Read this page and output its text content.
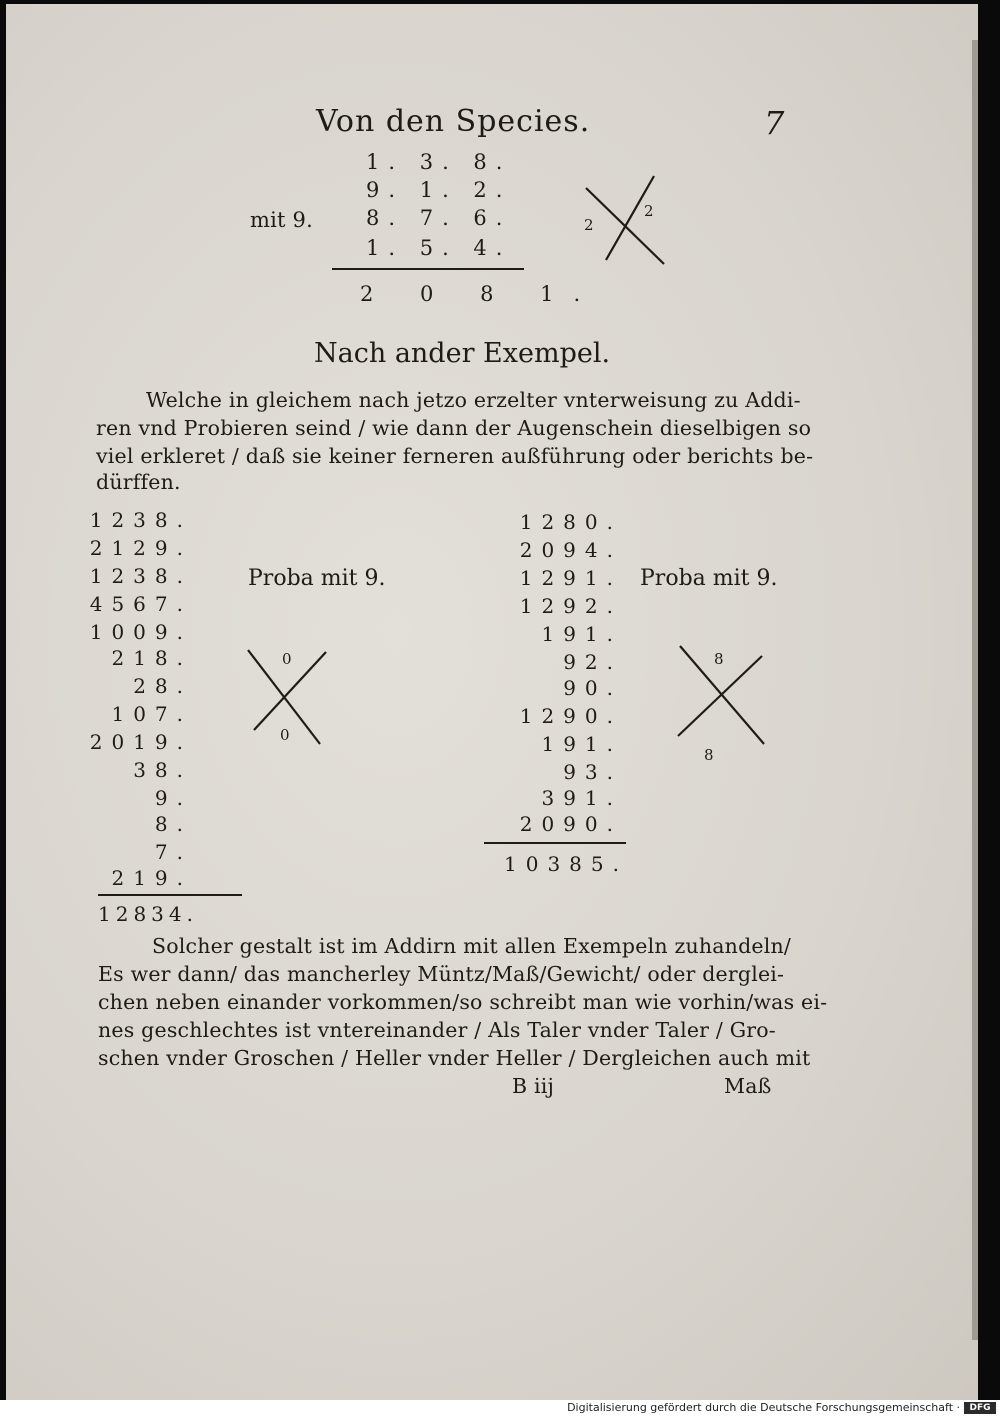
Von den Species.	7
mit 9.
1. 3. 8.
9. 1. 2.
8. 7. 6.
1. 5. 4.
2 0 8 1.
2
2
Nach ander Exempel.
Welche in gleichem nach jetzo erzelter vnterweisung zu Addi-
ren vnd Probieren seind / wie dann der Augenschein dieselbigen so
viel erkleret / daß sie keiner ferneren außführung oder berichts be-
dürffen.
1238.
2129.
1238.
4567.
1009.
218.
28.
107.
2019.
38.
9.
8.
7.
219.
12834.
Proba mit 9.
0
0
1280.
2094.
1291.
1292.
191.
92.
90.
1290.
191.
93.
391.
2090.
10385.
Proba mit 9.
8
8
Solcher gestalt ist im Addirn mit allen Exempeln zuhandeln/
Es wer dann/ das mancherley Müntz/Maß/Gewicht/ oder derglei-
chen neben einander vorkommen/so schreibt man wie vorhin/was ei-
nes geschlechtes ist vntereinander / Als Taler vnder Taler / Gro-
schen vnder Groschen / Heller vnder Heller / Dergleichen auch mit
B iij	Maß
Digitalisierung gefördert durch die Deutsche Forschungsgemeinschaft ·	DFG
